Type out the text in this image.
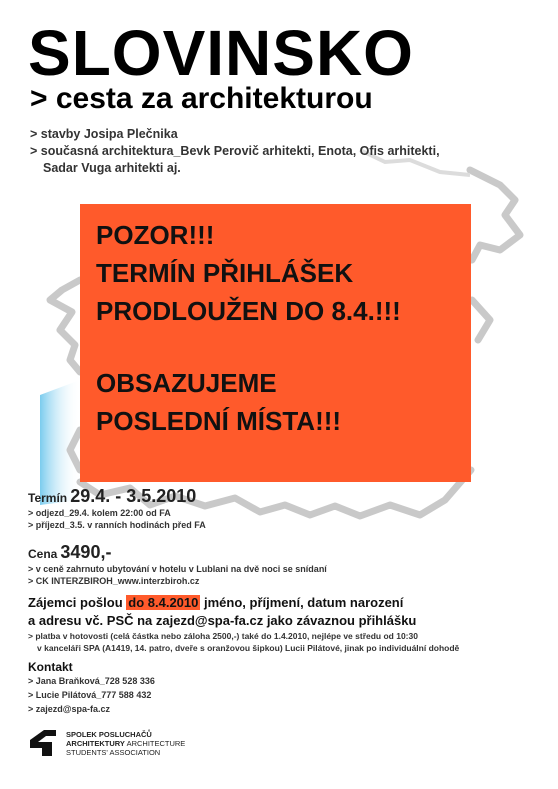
SLOVINSKO
> cesta za architekturou
> stavby Josipa Plečnika
> současná architektura_Bevk Perovič arhitekti, Enota, Ofis arhitekti,
Sadar Vuga arhitekti aj.
POZOR!!!
TERMÍN PŘIHLÁŠEK
PRODLOUŽEN DO 8.4.!!!
OBSAZUJEME
POSLEDNÍ MÍSTA!!!
Termín 29.4. - 3.5.2010
> odjezd_29.4. kolem 22:00 od FA
> příjezd_3.5. v ranních hodinách před FA
Cena 3490,-
> v ceně zahrnuto ubytování v hotelu v Lublani na dvě noci se snídaní
> CK INTERZBIROH_www.interzbiroh.cz
Zájemci pošlou do 8.4.2010 jméno, příjmení, datum narození
a adresu vč. PSČ na zajezd@spa-fa.cz jako závaznou přihlášku
> platba v hotovosti (celá částka nebo záloha 2500,-) také do 1.4.2010, nejlépe ve středu od 10:30
v kanceláři SPA (A1419, 14. patro, dveře s oranžovou šipkou) Lucii Pilátové, jinak po individuální dohodě
Kontakt
> Jana Braňková_728 528 336
> Lucie Pilátová_777 588 432
> zajezd@spa-fa.cz
SPOLEK POSLUCHAČŮ
ARCHITEKTURY ARCHITECTURE
STUDENTS' ASSOCIATION
